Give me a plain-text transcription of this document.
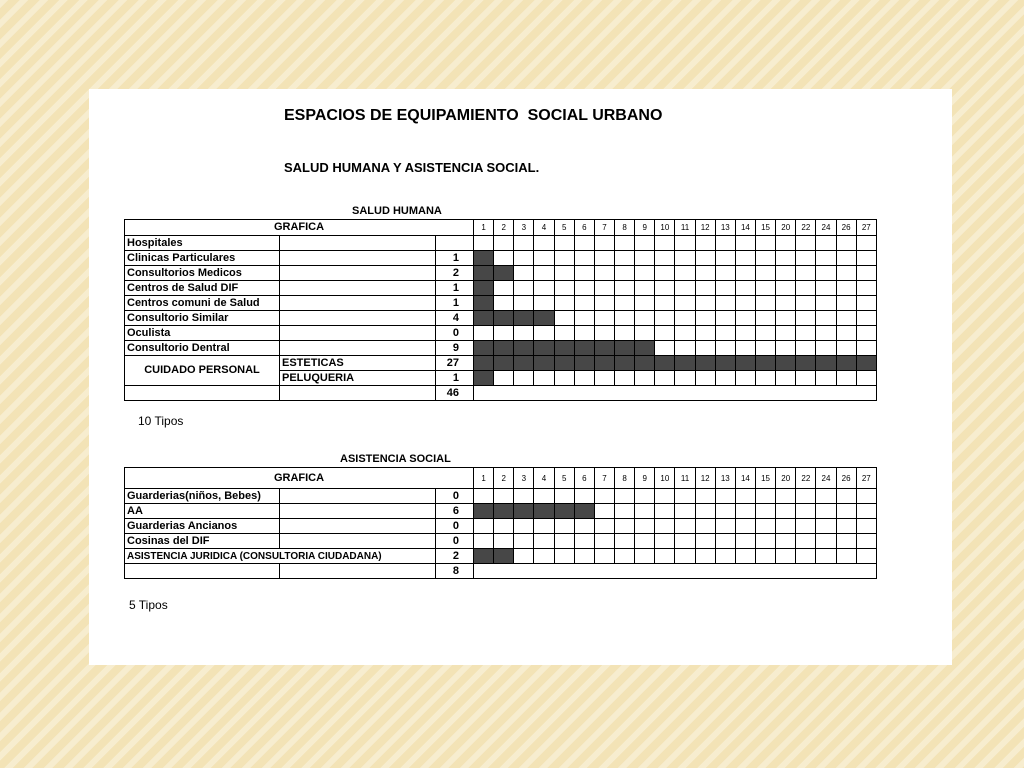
ESPACIOS DE EQUIPAMIENTO  SOCIAL URBANO
SALUD HUMANA Y ASISTENCIA SOCIAL.
SALUD HUMANA
GRAFICA			1	2	3	4	5	6	7	8	9	10	11	12	13	14	15	20	22	24	26	27
Hospitales																						
Clinicas Particulares		1																				
Consultorios Medicos		2																				
Centros de Salud DIF		1																				
Centros comuni de Salud		1																				
Consultorio Similar		4																				
Oculista		0																				
Consultorio Dentral		9																				
CUIDADO PERSONAL	ESTETICAS	27																				
	PELUQUERIA	1																				
		46																				
10 Tipos
ASISTENCIA SOCIAL
GRAFICA			1	2	3	4	5	6	7	8	9	10	11	12	13	14	15	20	22	24	26	27
Guarderias(niños, Bebes)		0																				
AA		6																				
Guarderias Ancianos		0																				
Cosinas del DIF		0																				
ASISTENCIA JURIDICA (CONSULTORIA CIUDADANA)		2																				
		8																				
5 Tipos
